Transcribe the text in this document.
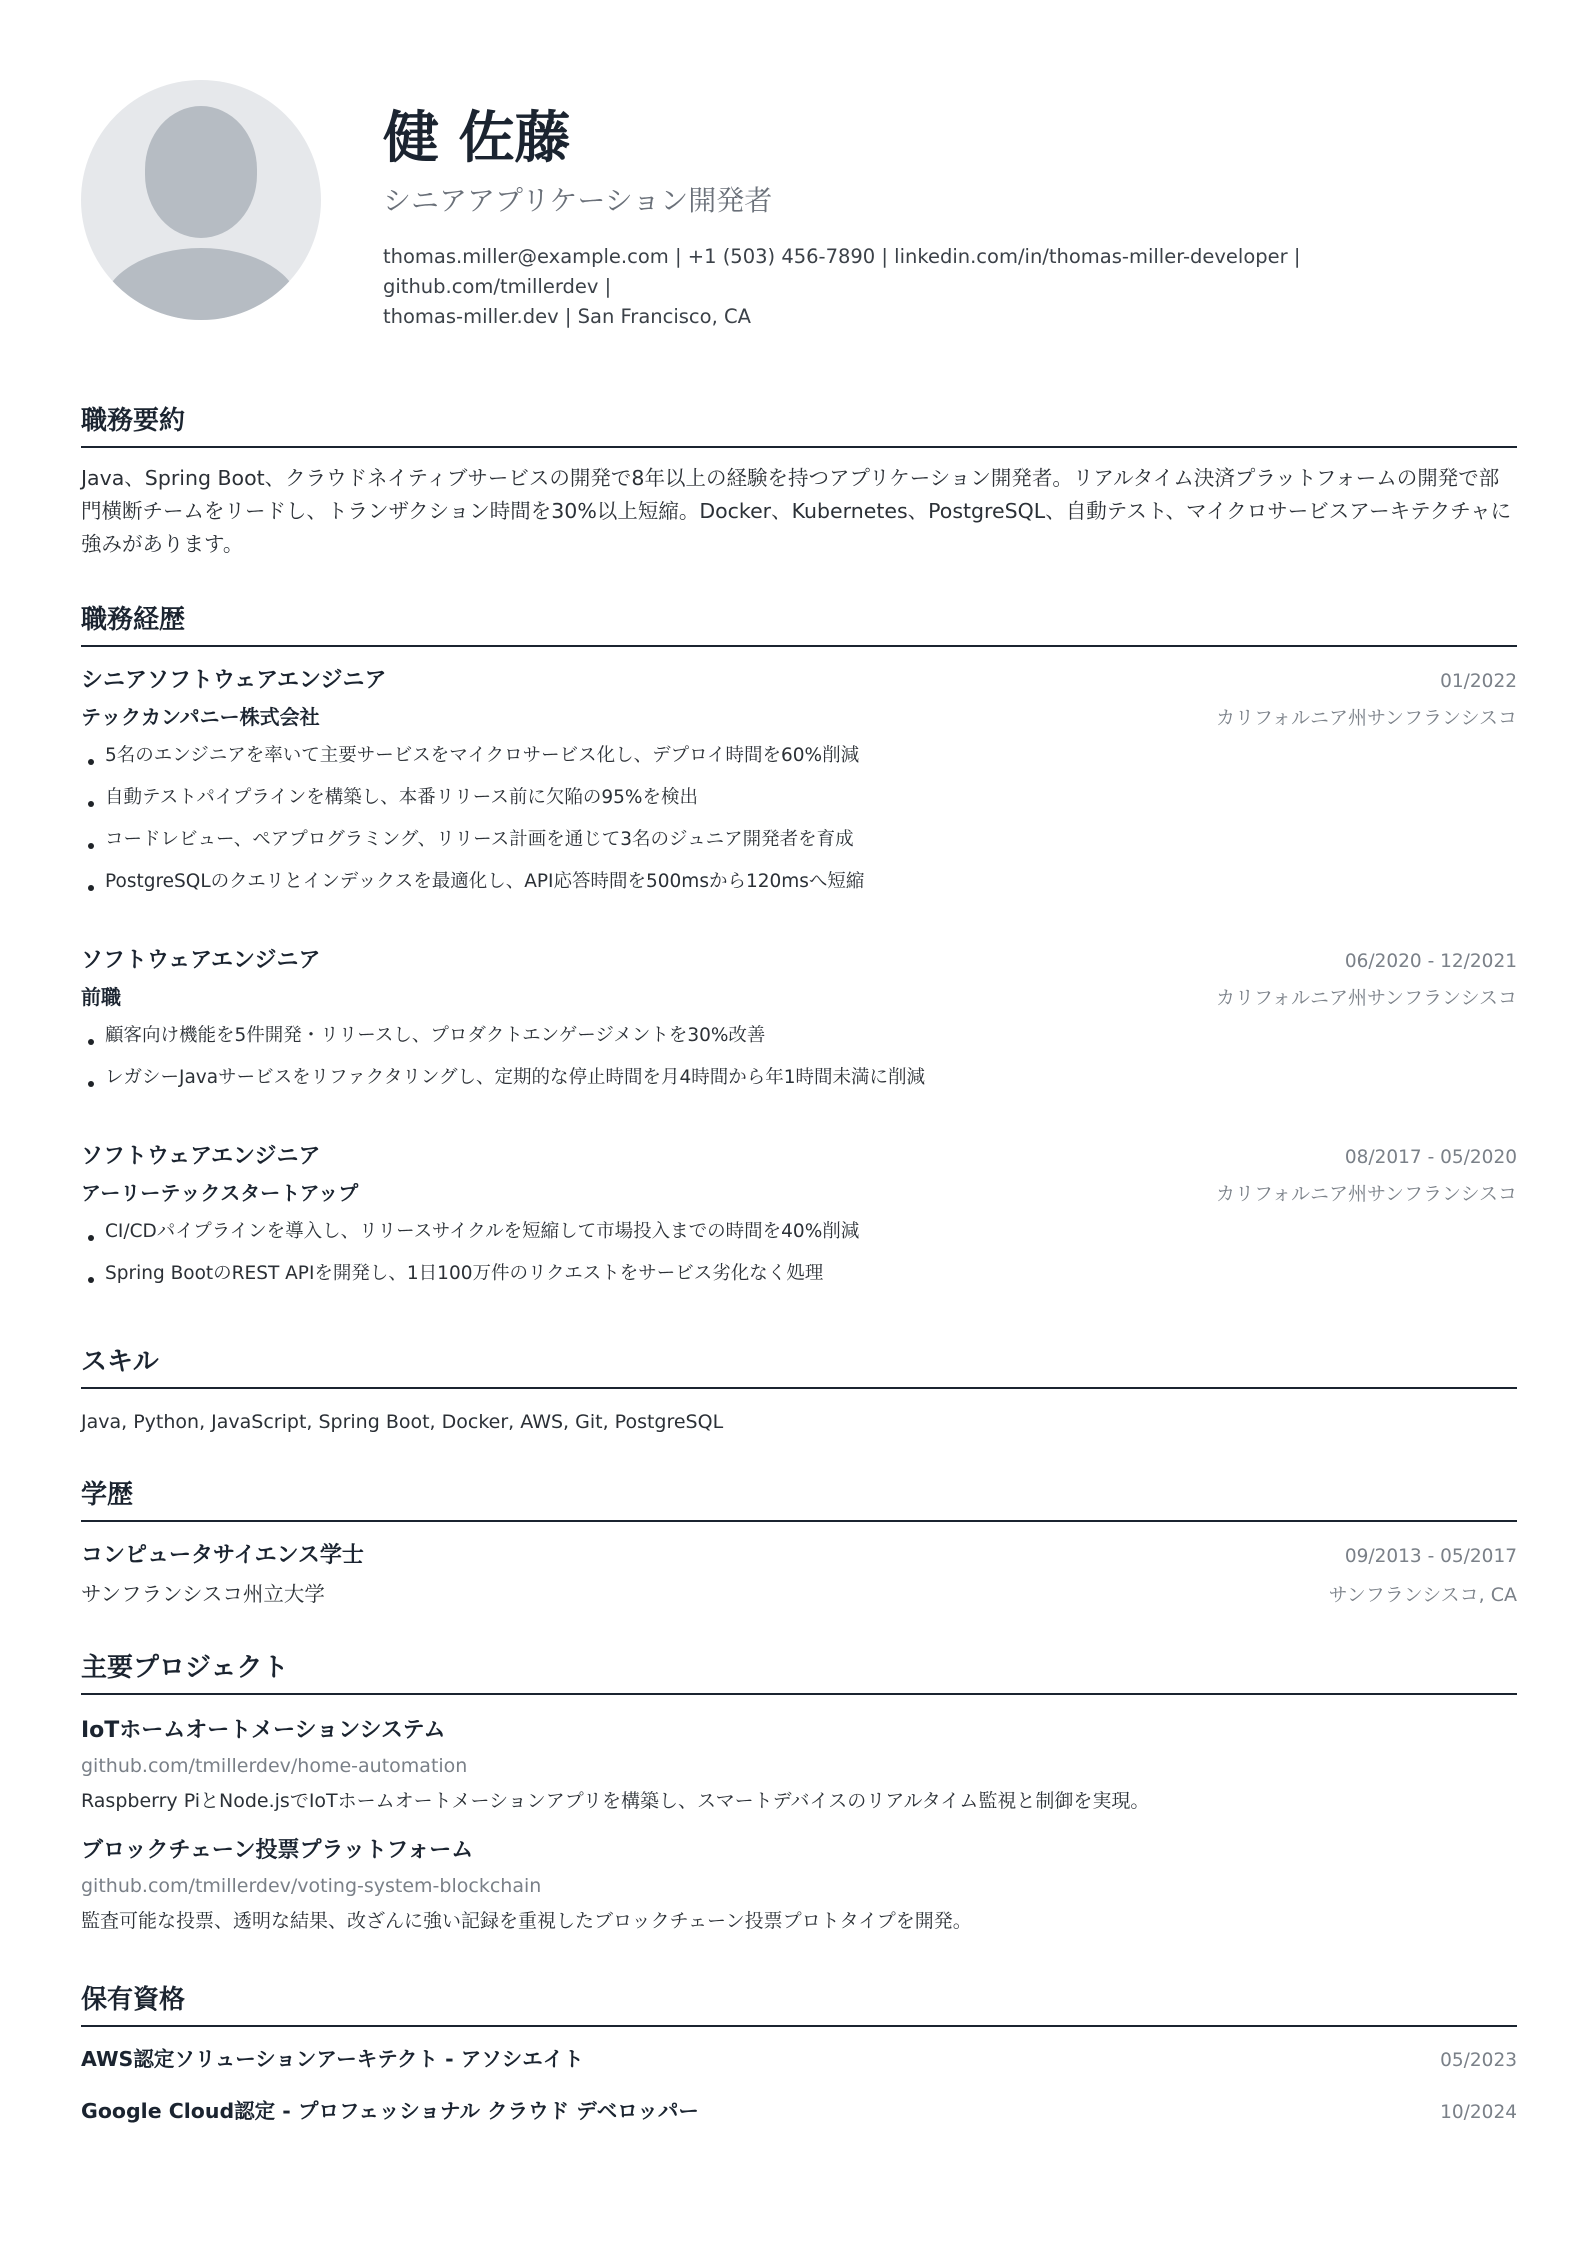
健 佐藤
シニアアプリケーション開発者
thomas.miller@example.com | +1 (503) 456-7890 | linkedin.com/in/thomas-miller-developer | github.com/tmillerdev |
thomas-miller.dev | San Francisco, CA
職務要約
Java、Spring Boot、クラウドネイティブサービスの開発で8年以上の経験を持つアプリケーション開発者。リアルタイム決済プラットフォームの開発で部門横断チームをリードし、トランザクション時間を30%以上短縮。Docker、Kubernetes、PostgreSQL、自動テスト、マイクロサービスアーキテクチャに強みがあります。
職務経歴
シニアソフトウェアエンジニア	01/2022
テックカンパニー株式会社	カリフォルニア州サンフランシスコ
5名のエンジニアを率いて主要サービスをマイクロサービス化し、デプロイ時間を60%削減
自動テストパイプラインを構築し、本番リリース前に欠陥の95%を検出
コードレビュー、ペアプログラミング、リリース計画を通じて3名のジュニア開発者を育成
PostgreSQLのクエリとインデックスを最適化し、API応答時間を500msから120msへ短縮
ソフトウェアエンジニア	06/2020 - 12/2021
前職	カリフォルニア州サンフランシスコ
顧客向け機能を5件開発・リリースし、プロダクトエンゲージメントを30%改善
レガシーJavaサービスをリファクタリングし、定期的な停止時間を月4時間から年1時間未満に削減
ソフトウェアエンジニア	08/2017 - 05/2020
アーリーテックスタートアップ	カリフォルニア州サンフランシスコ
CI/CDパイプラインを導入し、リリースサイクルを短縮して市場投入までの時間を40%削減
Spring BootのREST APIを開発し、1日100万件のリクエストをサービス劣化なく処理
スキル
Java, Python, JavaScript, Spring Boot, Docker, AWS, Git, PostgreSQL
学歴
コンピュータサイエンス学士	09/2013 - 05/2017
サンフランシスコ州立大学	サンフランシスコ, CA
主要プロジェクト
IoTホームオートメーションシステム
github.com/tmillerdev/home-automation
Raspberry PiとNode.jsでIoTホームオートメーションアプリを構築し、スマートデバイスのリアルタイム監視と制御を実現。
ブロックチェーン投票プラットフォーム
github.com/tmillerdev/voting-system-blockchain
監査可能な投票、透明な結果、改ざんに強い記録を重視したブロックチェーン投票プロトタイプを開発。
保有資格
AWS認定ソリューションアーキテクト - アソシエイト	05/2023
Google Cloud認定 - プロフェッショナル クラウド デベロッパー	10/2024
